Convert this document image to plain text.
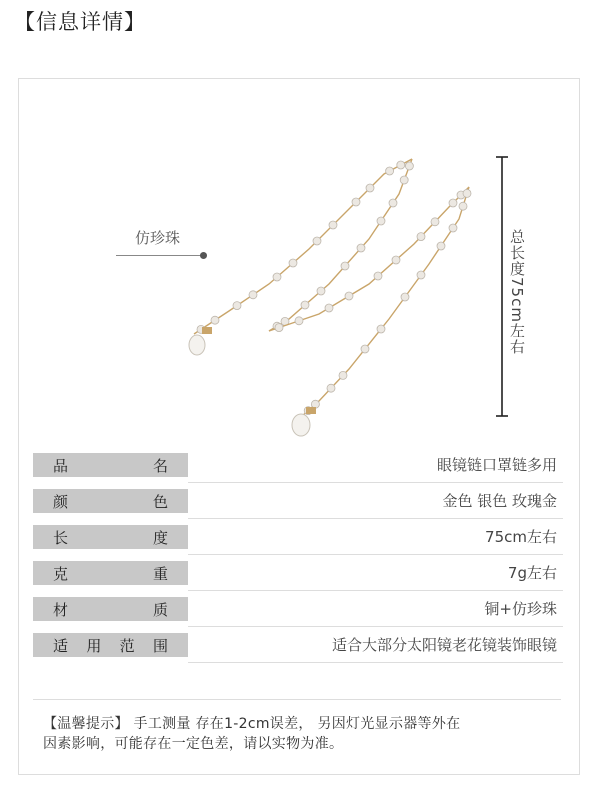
【信息详情】
仿珍珠	总长度75cm左右
品	名	眼镜链口罩链多用
颜	色	金色 银色 玫瑰金
长	度	75cm左右
克	重	7g左右
材	质	铜+仿珍珠
适 用 范 围	适合大部分太阳镜老花镜装饰眼镜
【温馨提示】 手工测量 存在1-2cm误差， 另因灯光显示器等外在
因素影响，可能存在一定色差，请以实物为准。
